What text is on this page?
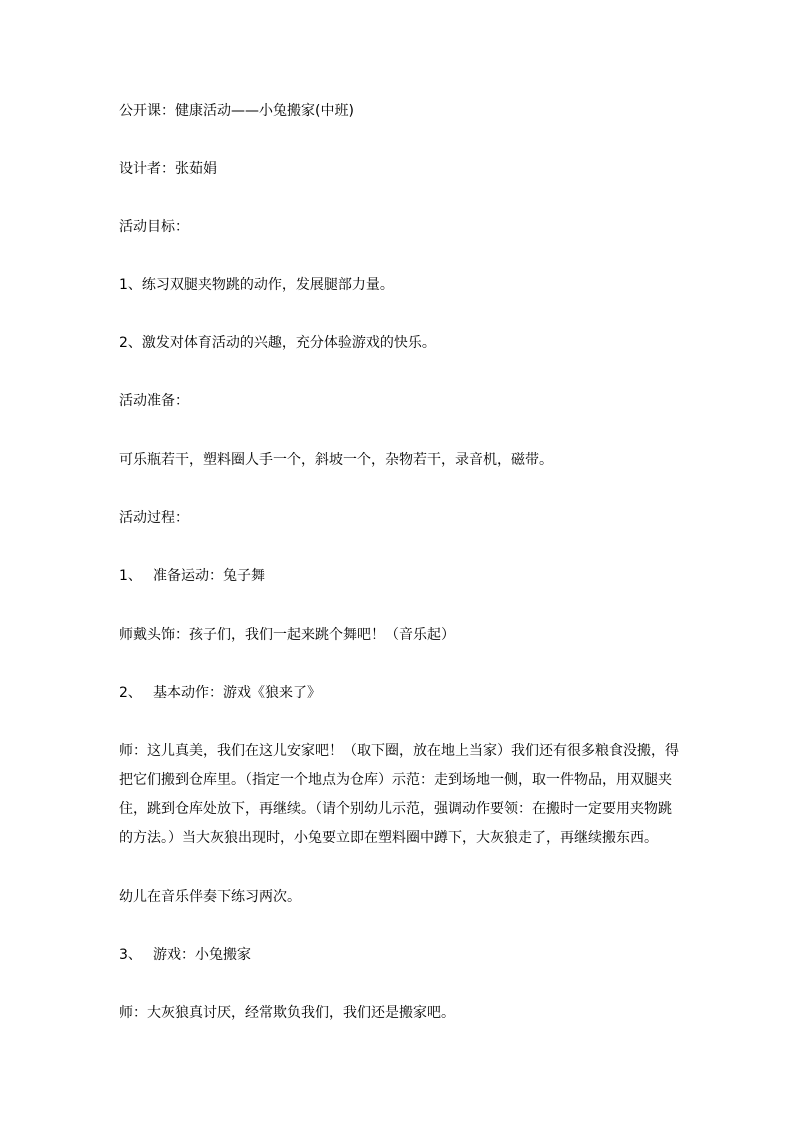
公开课：健康活动——小兔搬家(中班)
设计者：张茹娟
活动目标：
1、练习双腿夹物跳的动作，发展腿部力量。
2、激发对体育活动的兴趣，充分体验游戏的快乐。
活动准备：
可乐瓶若干，塑料圈人手一个，斜坡一个，杂物若干，录音机，磁带。
活动过程：
1、 准备运动：兔子舞
师戴头饰：孩子们，我们一起来跳个舞吧！（音乐起）
2、 基本动作：游戏《狼来了》
师：这儿真美，我们在这儿安家吧！（取下圈，放在地上当家）我们还有很多粮食没搬，得
把它们搬到仓库里。（指定一个地点为仓库）示范：走到场地一侧，取一件物品，用双腿夹
住，跳到仓库处放下，再继续。（请个别幼儿示范，强调动作要领：在搬时一定要用夹物跳
的方法。）当大灰狼出现时，小兔要立即在塑料圈中蹲下，大灰狼走了，再继续搬东西。
幼儿在音乐伴奏下练习两次。
3、 游戏：小兔搬家
师：大灰狼真讨厌，经常欺负我们，我们还是搬家吧。
